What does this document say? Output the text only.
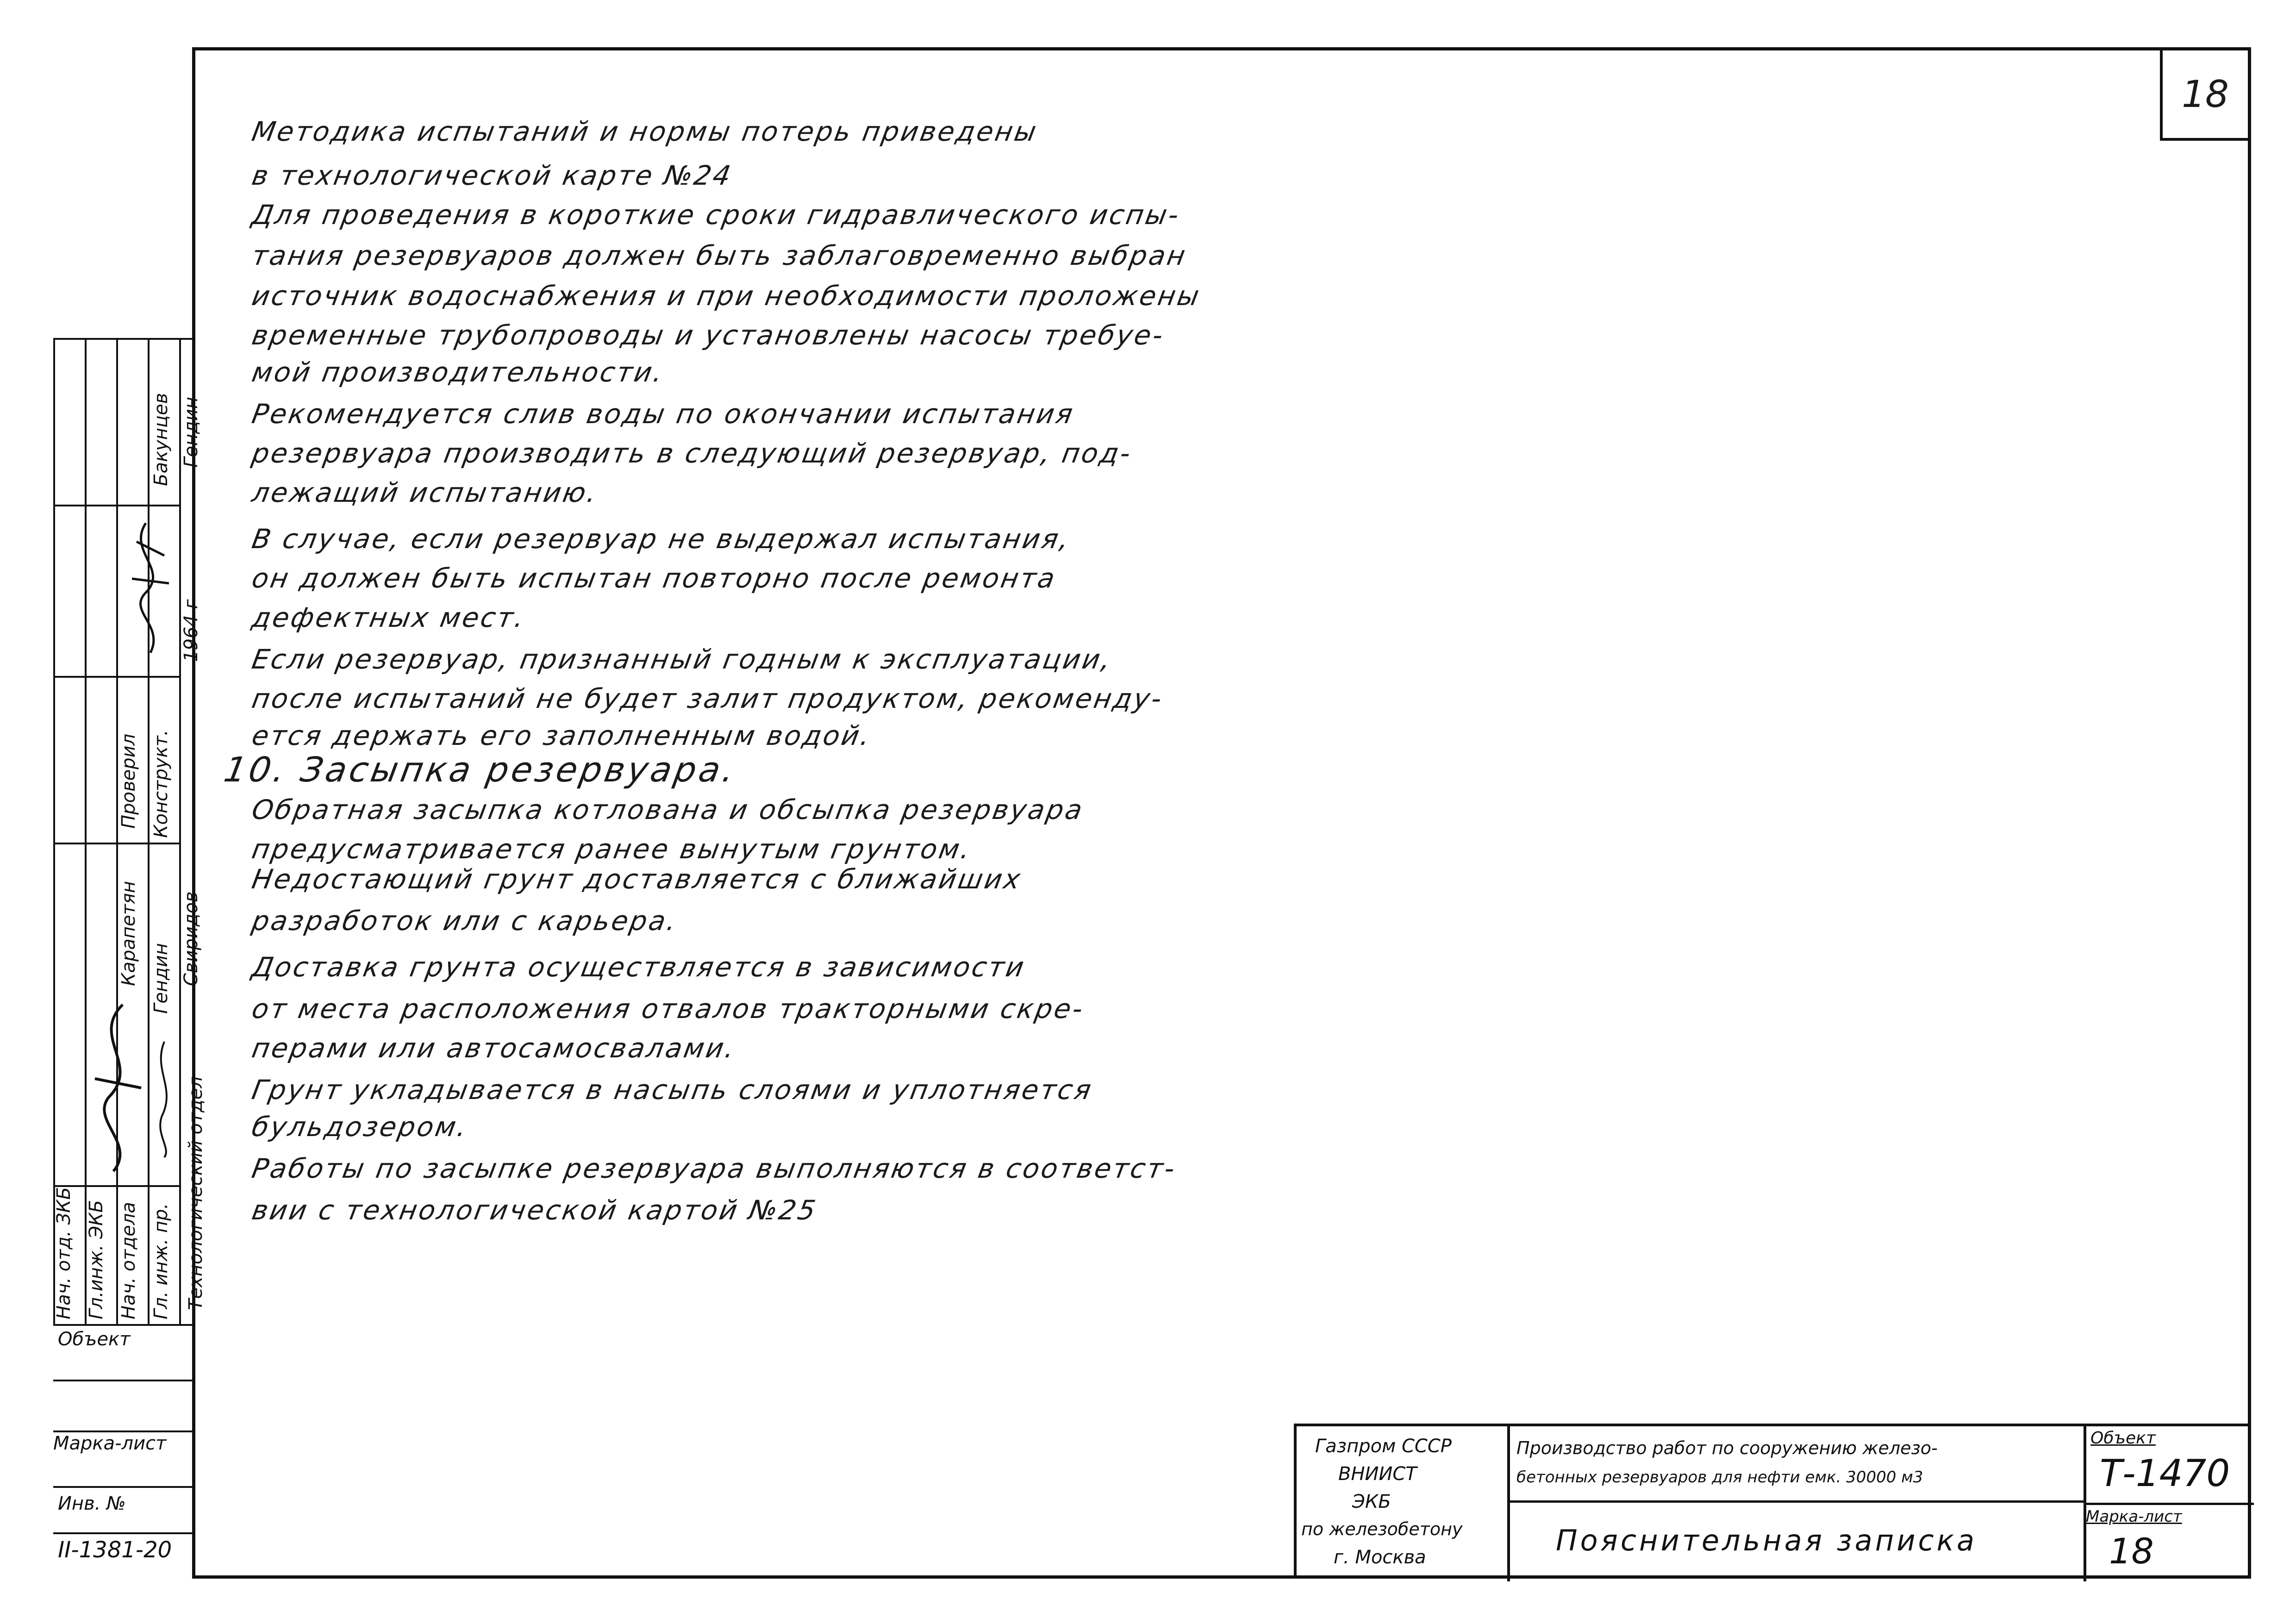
18
Методика испытаний и нормы потерь приведены
в технологической карте №24
Для проведения в короткие сроки гидравлического испы-
тания резервуаров должен быть заблаговременно выбран
источник водоснабжения и при необходимости проложены
временные трубопроводы и установлены насосы требуе-
мой производительности.
Рекомендуется слив воды по окончании испытания
резервуара производить в следующий резервуар, под-
лежащий испытанию.
В случае, если резервуар не выдержал испытания,
он должен быть испытан повторно после ремонта
дефектных мест.
Если резервуар, признанный годным к эксплуатации,
после испытаний не будет залит продуктом, рекоменду-
ется держать его заполненным водой.
10. Засыпка резервуара.
Обратная засыпка котлована и обсыпка резервуара
предусматривается ранее вынутым грунтом.
Недостающий грунт доставляется с ближайших
разработок или с карьера.
Доставка грунта осуществляется в зависимости
от места расположения отвалов тракторными скре-
перами или автосамосвалами.
Грунт укладывается в насыпь слоями и уплотняется
бульдозером.
Работы по засыпке резервуара выполняются в соответст-
вии с технологической картой №25
Бакунцев Гендин
1964 г
Проверил Конструкт.
Карапетян Гендин Свиридов
Нач. отд. ЗКБ Гл.инж. ЭКБ Нач. отдела Гл. инж. пр. Технологический отдел
Объект
Марка-лист
Инв. №
II-1381-20
Газпром СССР
ВНИИСТ
ЭКБ
по железобетону
г. Москва
Производство работ по сооружению железо-
бетонных резервуаров для нефти емк. 30000 м3
Пояснительная записка
Объект
Т-1470
Марка-лист
18
